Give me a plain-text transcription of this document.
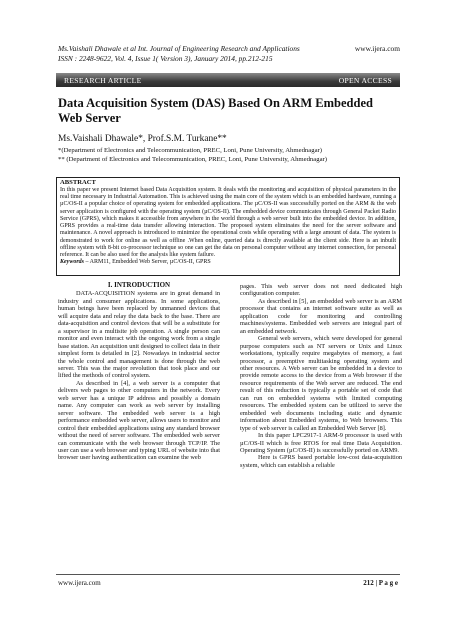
Ms.Vaishali Dhawale et al Int. Journal of Engineering Research and Applications	www.ijera.com
ISSN : 2248-9622, Vol. 4, Issue 1( Version 3), January 2014, pp.212-215
RESEARCH ARTICLE	OPEN ACCESS
Data Acquisition System (DAS) Based On ARM Embedded Web Server
Ms.Vaishali Dhawale*, Prof.S.M. Turkane**
*(Department of Electronics and Telecommunication, PREC, Loni, Pune University, Ahmednagar)
** (Department of Electronics and Telecommunication, PREC, Loni, Pune University, Ahmednagar)
ABSTRACT
In this paper we present Internet based Data Acquisition system. It deals with the monitoring and acquisition of physical parameters in the real time necessary in Industrial Automation. This is achieved using the main core of the system which is an embedded hardware, running a µC/OS-II a popular choice of operating system for embedded applications. The µC/OS-II was successfully ported on the ARM & the web server application is configured with the operating system (µC/OS-II). The embedded device communicates through General Packet Radio Service (GPRS), which makes it accessible from anywhere in the world through a web server built into the embedded device. In addition, GPRS provides a real-time data transfer allowing interaction. The proposed system eliminates the need for the server software and maintenance. A novel approach is introduced to minimize the operational costs while operating with a large amount of data. The system is demonstrated to work for online as well as offline .When online, queried data is directly available at the client side. Here is an inbuilt offline system with 8-bit co-processor technique so one can get the data on personal computer without any internet connection, for personal reference. It can be also used for the analysis like system failure.
Keywords – ARM11, Embedded Web Server, µC/OS-II, GPRS
I. INTRODUCTION

DATA-ACQUISITION systems are in great demand in industry and consumer applications. In some applications, human beings have been replaced by unmanned devices that will acquire data and relay the data back to the base. There are data-acquisition and control devices that will be a substitute for a supervisor in a multisite job operation. A single person can monitor and even interact with the ongoing work from a single base station. An acquisition unit designed to collect data in their simplest form is detailed in [2]. Nowadays in industrial sector the whole control and management is done through the web server. This was the major revolution that took place and our lifted the methods of control system.

As described in [4], a web server is a computer that delivers web pages to other computers in the network. Every web server has a unique IP address and possibly a domain name. Any computer can work as web server by installing server software. The embedded web server is a high performance embedded web server, allows users to monitor and control their embedded applications using any standard browser without the need of server software. The embedded web server can communicate with the web browser through TCP/IP. The user can use a web browser and typing URL of website into that browser user having authentication can examine the web

pages. This web server does not need dedicated high configuration computer.

As described in [5], an embedded web server is an ARM processor that contains an internet software suite as well as application code for monitoring and controlling machines/systems. Embedded web servers are integral part of an embedded network.

General web servers, which were developed for general purpose computers such as NT servers or Unix and Linux workstations, typically require megabytes of memory, a fast processor, a preemptive multitasking operating system and other resources. A Web server can be embedded in a device to provide remote access to the device from a Web browser if the resource requirements of the Web server are reduced. The end result of this reduction is typically a portable set of code that can run on embedded systems with limited computing resources. The embedded system can be utilized to serve the embedded web documents including static and dynamic information about Embedded systems, to Web browsers. This type of web server is called an Embedded Web Server [8].

In this paper LPC2917-1 ARM-9 processor is used with µC/OS-II which is free RTOS for real time Data Acquisition. Operating System (µC/OS-II) is successfully ported on ARM9.

Here is GPRS based portable low-cost data-acquisition system, which can establish a reliable

www.ijera.com	212 | P a g e
